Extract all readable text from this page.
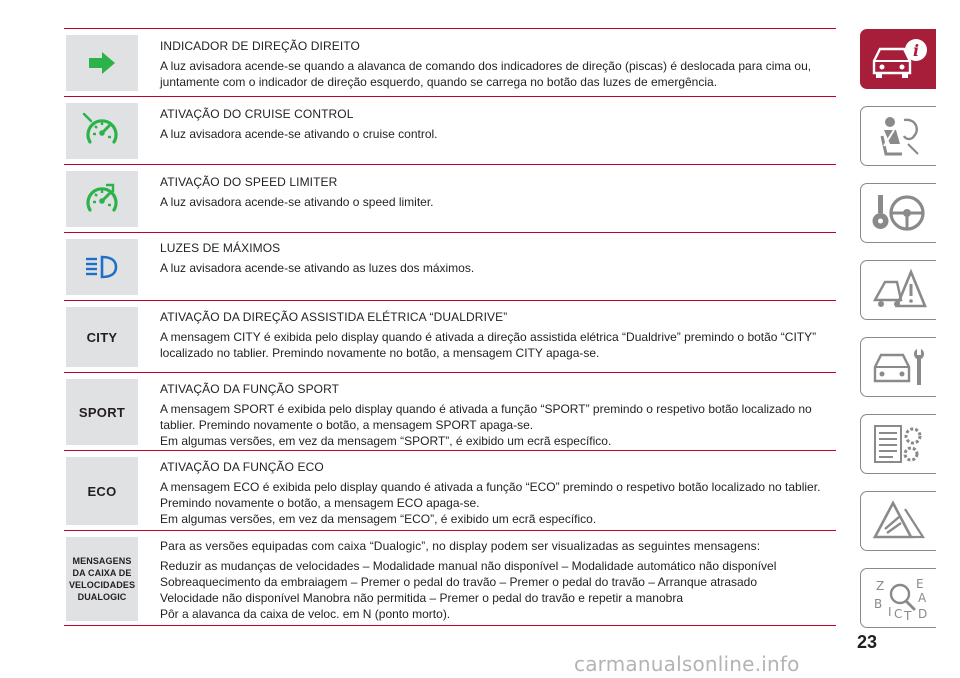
INDICADOR DE DIREÇÃO DIREITO
A luz avisadora acende-se quando a alavanca de comando dos indicadores de direção (piscas) é deslocada para cima ou, juntamente com o indicador de direção esquerdo, quando se carrega no botão das luzes de emergência.
ATIVAÇÃO DO CRUISE CONTROL
A luz avisadora acende-se ativando o cruise control.
ATIVAÇÃO DO SPEED LIMITER
A luz avisadora acende-se ativando o speed limiter.
LUZES DE MÁXIMOS
A luz avisadora acende-se ativando as luzes dos máximos.
CITY
ATIVAÇÃO DA DIREÇÃO ASSISTIDA ELÉTRICA “DUALDRIVE”
A mensagem CITY é exibida pelo display quando é ativada a direção assistida elétrica “Dualdrive” premindo o botão “CITY” localizado no tablier. Premindo novamente no botão, a mensagem CITY apaga-se.
SPORT
ATIVAÇÃO DA FUNÇÃO SPORT
A mensagem SPORT é exibida pelo display quando é ativada a função “SPORT” premindo o respetivo botão localizado no tablier. Premindo novamente o botão, a mensagem SPORT apaga-se.
Em algumas versões, em vez da mensagem “SPORT”, é exibido um ecrã específico.
ECO
ATIVAÇÃO DA FUNÇÃO ECO
A mensagem ECO é exibida pelo display quando é ativada a função “ECO” premindo o respetivo botão localizado no tablier. Premindo novamente o botão, a mensagem ECO apaga-se.
Em algumas versões, em vez da mensagem “ECO”, é exibido um ecrã específico.
MENSAGENS
DA CAIXA DE
VELOCIDADES
DUALOGIC
Para as versões equipadas com caixa “Dualogic”, no display podem ser visualizadas as seguintes mensagens:
Reduzir as mudanças de velocidades – Modalidade manual não disponível – Modalidade automático não disponível
Sobreaquecimento da embraiagem – Premer o pedal do travão – Premer o pedal do travão – Arranque atrasado
Velocidade não disponível Manobra não permitida – Premer o pedal do travão e repetir a manobra
Pôr a alavanca da caixa de veloc. em N (ponto morto).
i
Z	E
A
B
C D
I T
23
carmanualsonline.info
